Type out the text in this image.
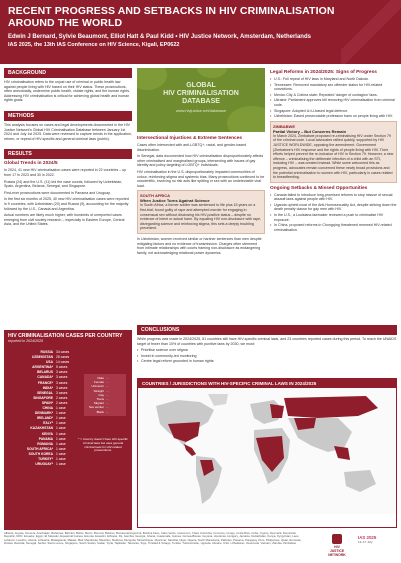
RECENT PROGRESS AND SETBACKS IN HIV CRIMINALISATION
AROUND THE WORLD
Edwin J Bernard, Sylvie Beaumont, Elliot Hatt & Paul Kidd • HIV Justice Network, Amsterdam, Netherlands
IAS 2025, the 13th IAS Conference on HIV Science, Kigali, EP0622
BACKGROUND

HIV criminalisation refers to the unjust use of criminal or public health law against people living with HIV based on their HIV status. These prosecutions, often anecdotally, undermine public health, violate rights, and the human rights. Addressing HIV criminalisation is critical for achieving global health and human rights goals.

METHODS

This analysis focuses on cases and legal developments documented in the HIV Justice Network's Global HIV Criminalisation Database between January 1st 2024 and July 1st 2025. Data were reviewed to capture trends in the application, reform, or repeal of HIV-specific and general criminal laws (public).

RESULTS
Global Trends in 2024/5

In 2024, 41 new HIV criminalisation cases were reported in 22 countries – up from 17 in 2023 and 30 in 2022.

Russia (24) and the U.S. (11) led the case counts, followed by Uzbekistan, Spain, Argentina, Belarus, Senegal, and Singapore.

First-ever prosecutions were documented in Panama and Uruguay.

In the first six months of 2025, 40 new HIV criminalisation cases were reported in 9 countries, with Uzbekistan (20) and Russia (9), accounting for the majority followed by the U.S., Canada and Argentina.

Actual numbers are likely much higher, with hundreds of unreported cases emerging from civil society research – especially in Eastern Europe, Central Asia, and the United States.

GLOBAL
HIV CRIMINALISATION
DATABASE
www.hivjustice.net/database
Intersectional Injustices & Extreme Sentences

Cases often intersected with anti-LGBTQ+, racial, and gender-based discrimination.

In Senegal, data documented how HIV criminalisation disproportionately affects other criminalised and marginalised groups, intersecting with issues of gay identity and policy targeting of LGBTQ+ individuals.

HIV criminalisation in the U.S. disproportionately impacted communities of colour, reinforcing stigma and systemic bias. Many prosecutions continued to be unscientific, involving no risk acts like spitting or sex with an undetectable viral load.

SOUTH AFRICA
When Justice Turns Against Science
In South Africa, a former soldier was sentenced to life plus 15 years on a first-trial; found guilty of rape and attempted murder for engaging in consensual sex without disclosing his HIV-positive status – despite no evidence of intent or actual harm. By equating HIV non-disclosure with rape, disregarding science and reinforcing stigma, this sets a deeply troubling precedent.

In Uzbekistan, women received similar or harsher sentences than men despite mitigating factors and no evidence of transmission. Charges often stemmed from intimate relationships with courts framing non-disclosure as endangering family, not acknowledging relational power dynamics.

Legal Reforms in 2024/2025: Signs of Progress
• U.S.: Full repeal of HIV laws in Maryland and North Dakota.
• Tennessee: Removed mandatory sex offender status for HIV-related convictions.
• Mexico City & Colima state: Repealed 'danger of contagion' laws.
• Ukraine: Parliament approves bill removing HIV criminalisation from criminal code.
• Singapore: Adopted U=U-based legal defence.
• Uzbekistan: Eased prosecutable profession bans on people living with HIV.
ZIMBABWE
Partial Victory – But Concerns Remain
In March 2024, Zimbabwe proposed re-criminalising HIV under Section 79 of the criminal code. Local advocates rallied quickly, supported by HIV JUSTICE WORLDWIDE, opposing the amendment. Government (Zimbabwe's HIV response and the rights of people living with HIV. Their efforts helped prevent the re-inclusion of HIV in Section 79. However, a new offence – criminalising the deliberate infection of a child with an STI, including HIV – was created instead. While some welcomed this as progress, advocates remain concerned these newly broad provisions and the potential criminalisation to women with HIV, particularly in cases related to breastfeeding.
Ongoing Setbacks & Missed Opportunities
• Canada failed to introduce long-promised reforms to stop misuse of sexual assault laws against people with HIV.
• Uganda upheld most of the Anti-Homosexuality Act, despite striking down the death penalty clause for gay men with HIV.
• In the U.S., a Louisiana lawmaker renewed a push to criminalise HIV exposure.
• In China, proposed reforms in Chongqing threatened renewed HIV-related criminalisation.
HIV CRIMINALISATION CASES PER COUNTRY
reported in 2024/2025
RUSSIA 34 cases
UZBEKISTAN 28 cases
USA 14 cases
ARGENTINA* 5 cases
BELARUS 3 cases
CANADA* 3 cases
FRANCE* 3 cases
INDIA* 3 cases
SENEGAL 3 cases
SINGAPORE 2 cases
SPAIN* 2 cases
CHINA 1 case
DENMARK* 1 case
IRELAND* 1 case
ITALY* 1 case
KAZAKHSTAN 1 case
KENYA 1 case
PANAMA 1 case
ROMANIA 1 case
SOUTH AFRICA* 1 case
SOUTH KOREA 1 case
TURKEY* 1 case
URUGUAY* 1 case
Male ...
Female ...
Unknown ...
Straight ...
Gay ...
Trans ...
Migrant ...
Sex worker ...
Black ...
* = Country doesn't have HIV-specific criminal laws but uses general criminal laws for HIV-related prosecutions.
CONCLUSIONS

While progress was made in 2024/2025, 81 countries still have HIV-specific criminal laws, and 23 countries reported cases during this period. To reach the UNAIDS target of fewer than 10% of countries with punitive laws by 2030, we must:

• Prioritise science over stigma
• Invest in community-led monitoring
• Centre legal reform grounded in human rights
COUNTRIES / JURISDICTIONS WITH HIV-SPECIFIC CRIMINAL LAWS IN 2024/2025
Albania, Angola, Armenia, Azerbaijan, Bahamas, Bahrain, Belize, Benin, Burundi, Belarus, Bosnia-Herzegovina, Burkina Faso, Cabo Verde, Cameroon, Chad, Colombia, Comoros, Congo, Costa Rica, Cuba, Cyprus, Denmark, Dominican Republic, DRC, Ecuador, Egypt, El Salvador, Equatorial Guinea, Estonia, Eswatini, Ethiopia, Fiji, Gambia, Georgia, Ghana, Guatemala, Guinea, Guinea-Bissau, Guyana, Honduras, Hungary, Jamaica, Kazakhstan, Kenya, Kyrgyzstan, Laos, Lebanon, Lesotho, Liberia, Lithuania, Madagascar, Malawi, Mali, Mauritania, Mauritius, Moldova, Mongolia, Mozambique, Myanmar, Namibia, Niger, Nigeria, North Macedonia, Pakistan, Panama, Paraguay, Peru, Philippines, Qatar, Romania, Russia, Rwanda, Senegal, Serbia, Sierra Leone, Singapore, South Sudan, Sudan, Syria, Tajikistan, Tanzania, Togo, Trinidad & Tobago, Tunisia, Turkmenistan, Uganda, Ukraine, USA, Uzbekistan, Venezuela, Vietnam, Zambia, Zimbabwe
HIV
JUSTICE
NETWORK
IAS 2025
13–17 July
